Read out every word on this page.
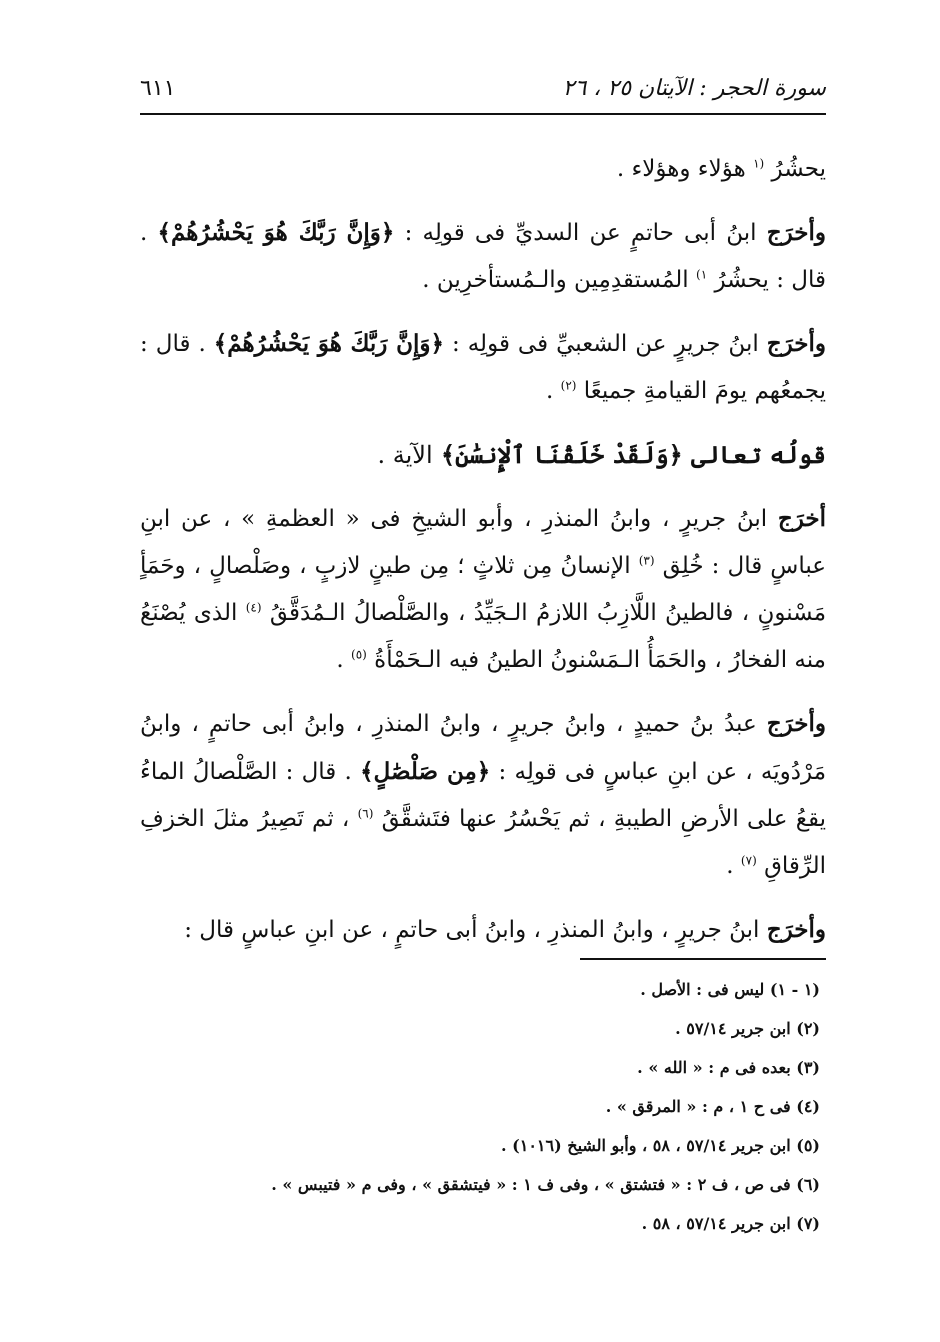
سورة الحجر : الآيتان ٢٥ ، ٢٦
٦١١

يحشُرُ $^{(١}$ هؤلاء وهؤلاء .

وأخرَج ابنُ أبى حاتمٍ عن السديِّ فى قولِه : ﴿وَإِنَّ رَبَّكَ هُوَ يَحْشُرُهُمْ﴾ . قال : يحشُرُ $^{١)}$ المُستقدِمِين والـمُستأخرِين .

وأخرَج ابنُ جريرٍ عن الشعبيِّ فى قولِه : ﴿وَإِنَّ رَبَّكَ هُوَ يَحْشُرُهُمْ﴾ . قال : يجمعُهم يومَ القيامةِ جميعًا $^{(٢)}$ .

قولُه تعالى ﴿وَلَقَدْ خَلَقْنَا ٱلْإِنسَٰنَ﴾ الآية .

أخرَج ابنُ جريرٍ ، وابنُ المنذرِ ، وأبو الشيخِ فى « العظمةِ » ، عن ابنِ عباسٍ قال : خُلِق $^{(٣)}$ الإنسانُ مِن ثلاثٍ ؛ مِن طينٍ لازبٍ ، وصَلْصالٍ ، وحَمَأٍ مَسْنونٍ ، فالطينُ اللَّازِبُ اللازمُ الـجَيِّدُ ، والصَّلْصالُ الـمُدَقَّقُ $^{(٤)}$ الذى يُصْنَعُ منه الفخارُ ، والحَمَأُ الـمَسْنونُ الطينُ فيه الـحَمْأَةُ $^{(٥)}$ .

وأخرَج عبدُ بنُ حميدٍ ، وابنُ جريرٍ ، وابنُ المنذرِ ، وابنُ أبى حاتمٍ ، وابنُ مَرْدُويَه ، عن ابنِ عباسٍ فى قولِه : ﴿مِن صَلْصَٰلٍ﴾ . قال : الصَّلْصالُ الماءُ يقعُ على الأرضِ الطيبةِ ، ثم يَحْسُرُ عنها فتَشقَّقُ $^{(٦)}$ ، ثم تَصِيرُ مثلَ الخزفِ الرِّقاقِ $^{(٧)}$ .

وأخرَج ابنُ جريرٍ ، وابنُ المنذرِ ، وابنُ أبى حاتمٍ ، عن ابنِ عباسٍ قال :

(١ - ١) ليس فى : الأصل .
(٢) ابن جرير ٥٧/١٤ .
(٣) بعده فى م : « الله » .
(٤) فى ح ١ ، م : « المرقق » .
(٥) ابن جرير ٥٧/١٤ ، ٥٨ ، وأبو الشيخ (١٠١٦) .
(٦) فى ص ، ف ٢ : « فتشتق » ، وفى ف ١ : « فيتشقق » ، وفى م « فتيبس » .
(٧) ابن جرير ٥٧/١٤ ، ٥٨ .
